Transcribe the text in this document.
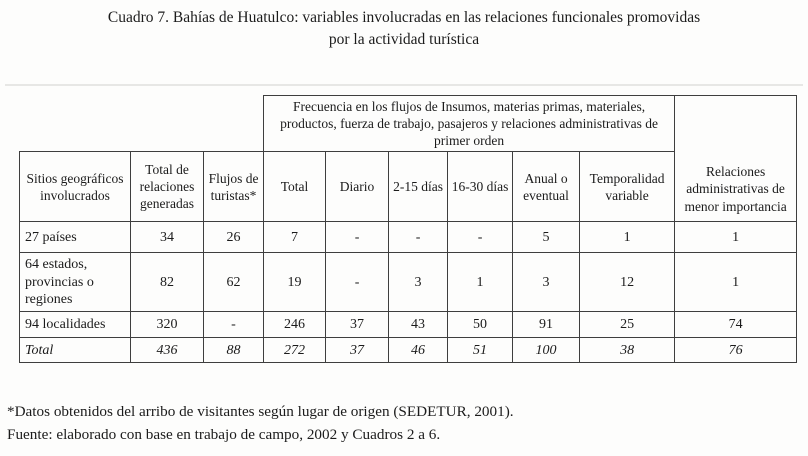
Cuadro 7. Bahías de Huatulco: variables involucradas en las relaciones funcionales promovidas
por la actividad turística
			Frecuencia en los flujos de Insumos, materias primas, materiales, productos, fuerza de trabajo, pasajeros y relaciones administrativas de primer orden						Relaciones administrativas de menor importancia
Sitios geográficos involucrados	Total de relaciones generadas	Flujos de turistas*	Total	Diario	2-15 días	16-30 días	Anual o eventual	Temporalidad variable	
27 países	34	26	7	-	-	-	5	1	1
64 estados, provincias o regiones	82	62	19	-	3	1	3	12	1
94 localidades	320	-	246	37	43	50	91	25	74
Total	436	88	272	37	46	51	100	38	76
*Datos obtenidos del arribo de visitantes según lugar de origen (SEDETUR, 2001).
Fuente: elaborado con base en trabajo de campo, 2002 y Cuadros 2 a 6.
